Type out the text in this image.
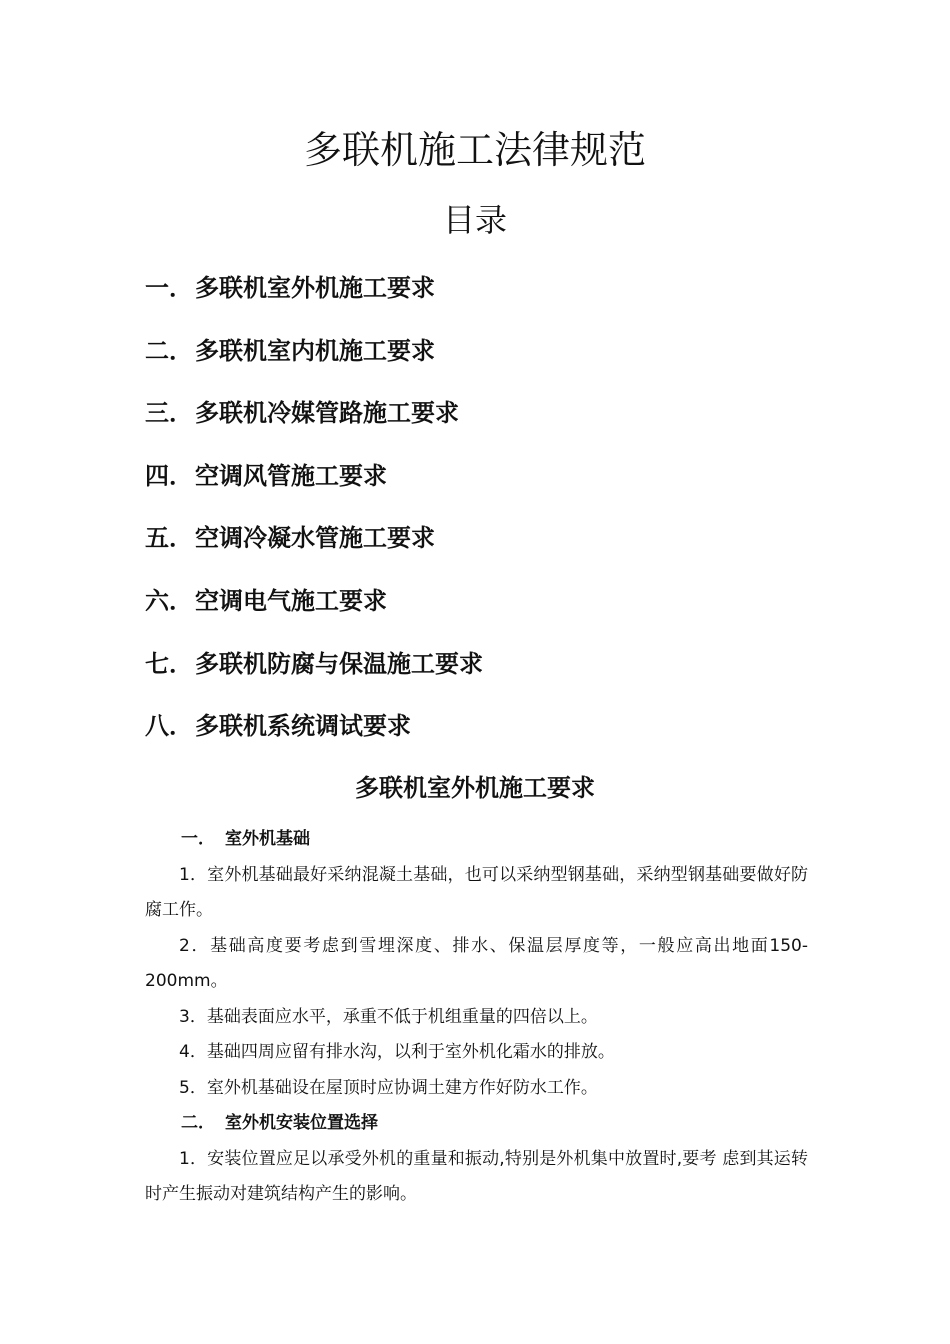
多联机施工法律规范
目录
一．多联机室外机施工要求
二．多联机室内机施工要求
三．多联机冷媒管路施工要求
四．空调风管施工要求
五．空调冷凝水管施工要求
六．空调电气施工要求
七．多联机防腐与保温施工要求
八．多联机系统调试要求
多联机室外机施工要求
一． 室外机基础

1．室外机基础最好采纳混凝土基础，也可以采纳型钢基础，采纳型钢基础要做好防腐工作。

2．基础高度要考虑到雪埋深度、排水、保温层厚度等，一般应高出地面150-200mm。

3．基础表面应水平，承重不低于机组重量的四倍以上。

4．基础四周应留有排水沟，以利于室外机化霜水的排放。

5．室外机基础设在屋顶时应协调土建方作好防水工作。

二． 室外机安装位置选择

1．安装位置应足以承受外机的重量和振动,特别是外机集中放置时,要考 虑到其运转时产生振动对建筑结构产生的影响。
